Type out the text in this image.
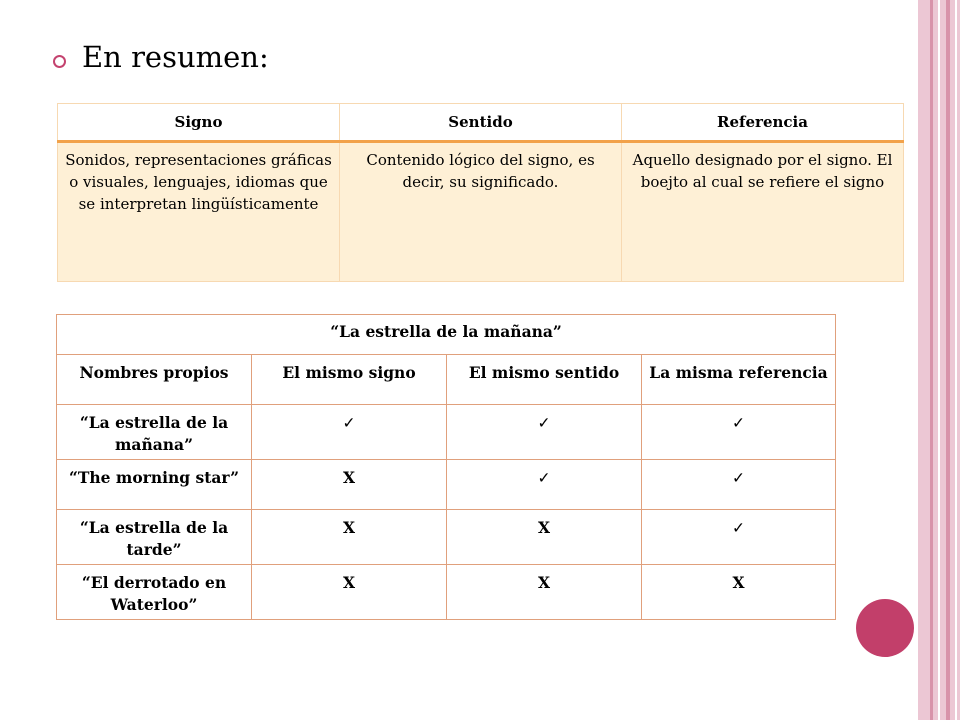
En resumen:
Signo	Sentido	Referencia
Sonidos, representaciones gráficas o visuales, lenguajes, idiomas que se interpretan lingüísticamente	Contenido lógico del signo, es decir, su significado.	Aquello designado por el signo. El boejto al cual se refiere el signo
“La estrella de la mañana”			
Nombres propios	El mismo signo	El mismo sentido	La misma referencia
“La estrella de la mañana”	✓	✓	✓
“The morning star”	X	✓	✓
“La estrella de la tarde”	X	X	✓
“El derrotado en Waterloo”	X	X	X
